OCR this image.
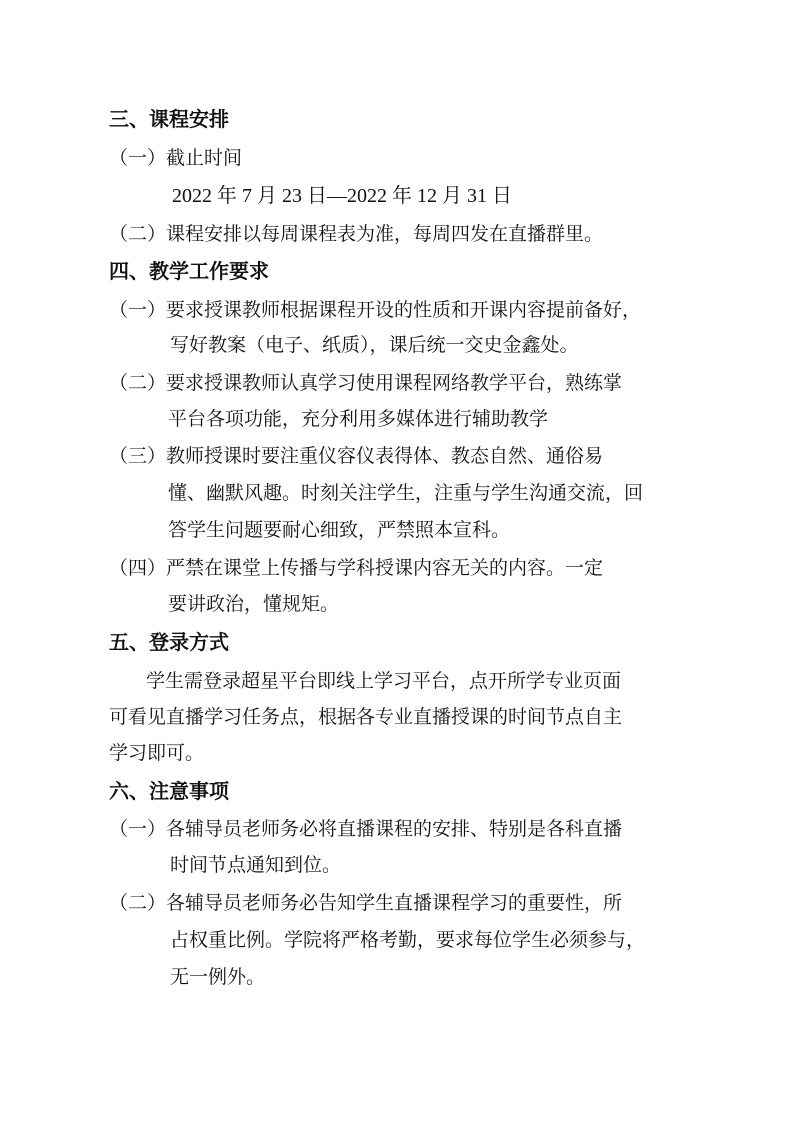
三、课程安排
（一）截止时间
2022 年 7 月 23 日—2022 年 12 月 31 日
（二）课程安排以每周课程表为准，每周四发在直播群里。
四、教学工作要求
（一）要求授课教师根据课程开设的性质和开课内容提前备好，
写好教案（电子、纸质），课后统一交史金鑫处。
（二）要求授课教师认真学习使用课程网络教学平台，熟练掌
平台各项功能，充分利用多媒体进行辅助教学
（三）教师授课时要注重仪容仪表得体、教态自然、通俗易
懂、幽默风趣。时刻关注学生，注重与学生沟通交流，回
答学生问题要耐心细致，严禁照本宣科。
（四）严禁在课堂上传播与学科授课内容无关的内容。一定
要讲政治，懂规矩。
五、登录方式
学生需登录超星平台即线上学习平台，点开所学专业页面
可看见直播学习任务点，根据各专业直播授课的时间节点自主
学习即可。
六、注意事项
（一）各辅导员老师务必将直播课程的安排、特别是各科直播
时间节点通知到位。
（二）各辅导员老师务必告知学生直播课程学习的重要性，所
占权重比例。学院将严格考勤，要求每位学生必须参与，
无一例外。
